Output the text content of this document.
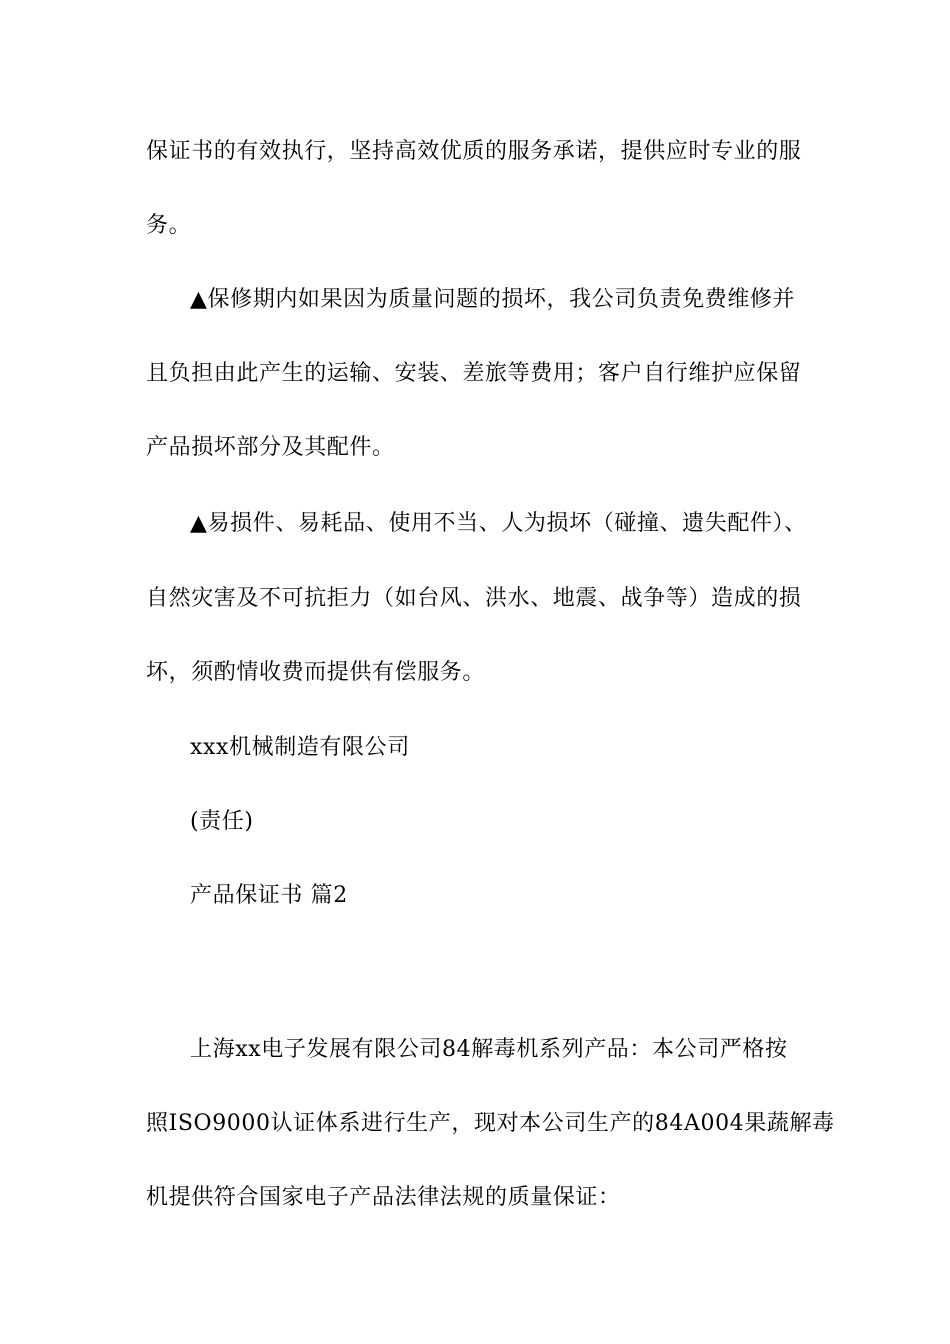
保证书的有效执行，坚持高效优质的服务承诺，提供应时专业的服
务。
▲保修期内如果因为质量问题的损坏，我公司负责免费维修并
且负担由此产生的运输、安装、差旅等费用；客户自行维护应保留
产品损坏部分及其配件。
▲易损件、易耗品、使用不当、人为损坏（碰撞、遗失配件）、
自然灾害及不可抗拒力（如台风、洪水、地震、战争等）造成的损
坏，须酌情收费而提供有偿服务。
xxx机械制造有限公司
(责任)
产品保证书 篇2
上海xx电子发展有限公司84解毒机系列产品：本公司严格按
照ISO9000认证体系进行生产，现对本公司生产的84A004果蔬解毒
机提供符合国家电子产品法律法规的质量保证：
